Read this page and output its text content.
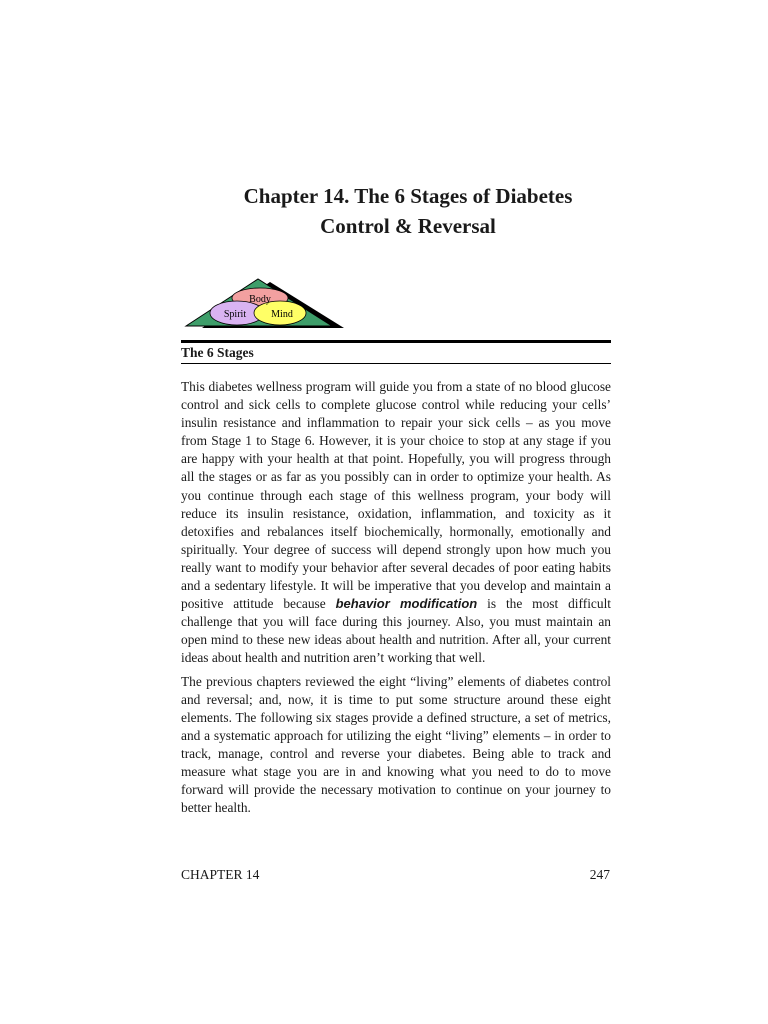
Chapter 14. The 6 Stages of Diabetes
Control & Reversal
Body
Spirit	Mind
The 6 Stages

This diabetes wellness program will guide you from a state of no blood glucose control and sick cells to complete glucose control while reducing your cells’ insulin resistance and inflammation to repair your sick cells – as you move from Stage 1 to Stage 6. However, it is your choice to stop at any stage if you are happy with your health at that point. Hopefully, you will progress through all the stages or as far as you possibly can in order to optimize your health. As you continue through each stage of this wellness program, your body will reduce its insulin resistance, oxidation, inflammation, and toxicity as it detoxifies and rebalances itself biochemically, hormonally, emotionally and spiritually. Your degree of success will depend strongly upon how much you really want to modify your behavior after several decades of poor eating habits and a sedentary lifestyle. It will be imperative that you develop and maintain a positive attitude because behavior modification is the most difficult challenge that you will face during this journey. Also, you must maintain an open mind to these new ideas about health and nutrition. After all, your current ideas about health and nutrition aren’t working that well.

The previous chapters reviewed the eight “living” elements of diabetes control and reversal; and, now, it is time to put some structure around these eight elements. The following six stages provide a defined structure, a set of metrics, and a systematic approach for utilizing the eight “living” elements – in order to track, manage, control and reverse your diabetes. Being able to track and measure what stage you are in and knowing what you need to do to move forward will provide the necessary motivation to continue on your journey to better health.

CHAPTER 14	247
